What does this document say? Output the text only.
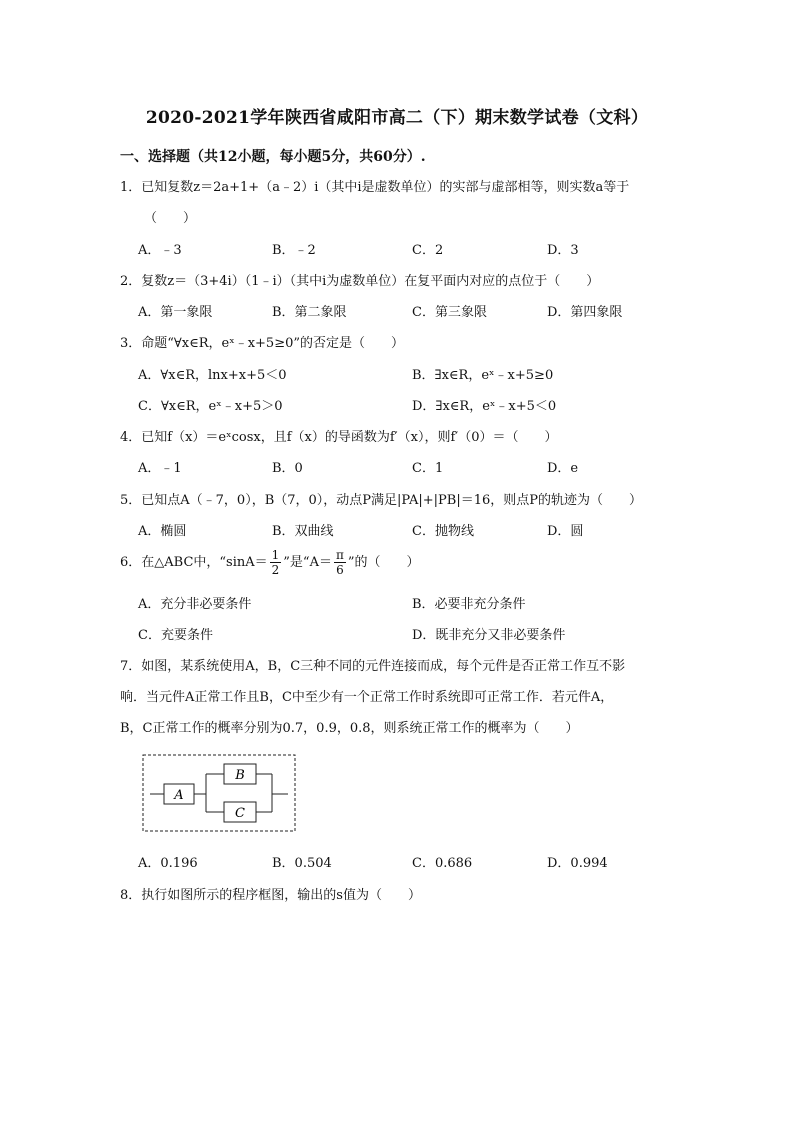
2020-2021学年陕西省咸阳市高二（下）期末数学试卷（文科）
一、选择题（共12小题，每小题5分，共60分）.
1．已知复数z＝2a+1+（a﹣2）i（其中i是虚数单位）的实部与虚部相等，则实数a等于
（　　）
A．﹣3	B．﹣2	C．2	D．3
2．复数z＝（3+4i）（1﹣i）（其中i为虚数单位）在复平面内对应的点位于（　　）
A．第一象限	B．第二象限	C．第三象限	D．第四象限
3．命题“∀x∈R，eˣ﹣x+5≥0”的否定是（　　）
A．∀x∈R，lnx+x+5＜0	B．∃x∈R，eˣ﹣x+5≥0
C．∀x∈R，eˣ﹣x+5＞0	D．∃x∈R，eˣ﹣x+5＜0
4．已知f（x）＝eˣcosx，且f（x）的导函数为f′（x），则f′（0）＝（　　）
A．﹣1	B．0	C．1	D．e
5．已知点A（﹣7，0），B（7，0），动点P满足|PA|+|PB|＝16，则点P的轨迹为（　　）
A．椭圆	B．双曲线	C．抛物线	D．圆
6．在△ABC中，“$\sin A= \frac{1}{2}$ ”是“$A= \frac{\pi}{6}$ ”的（　　）
A．充分非必要条件	B．必要非充分条件
C．充要条件	D．既非充分又非必要条件
7．如图，某系统使用A，B，C三种不同的元件连接而成，每个元件是否正常工作互不影
响．当元件A正常工作且B，C中至少有一个正常工作时系统即可正常工作．若元件A，
B，C正常工作的概率分别为0.7，0.9，0.8，则系统正常工作的概率为（　　）
A
B
C
A．0.196	B．0.504	C．0.686	D．0.994
8．执行如图所示的程序框图，输出的s值为（　　）
